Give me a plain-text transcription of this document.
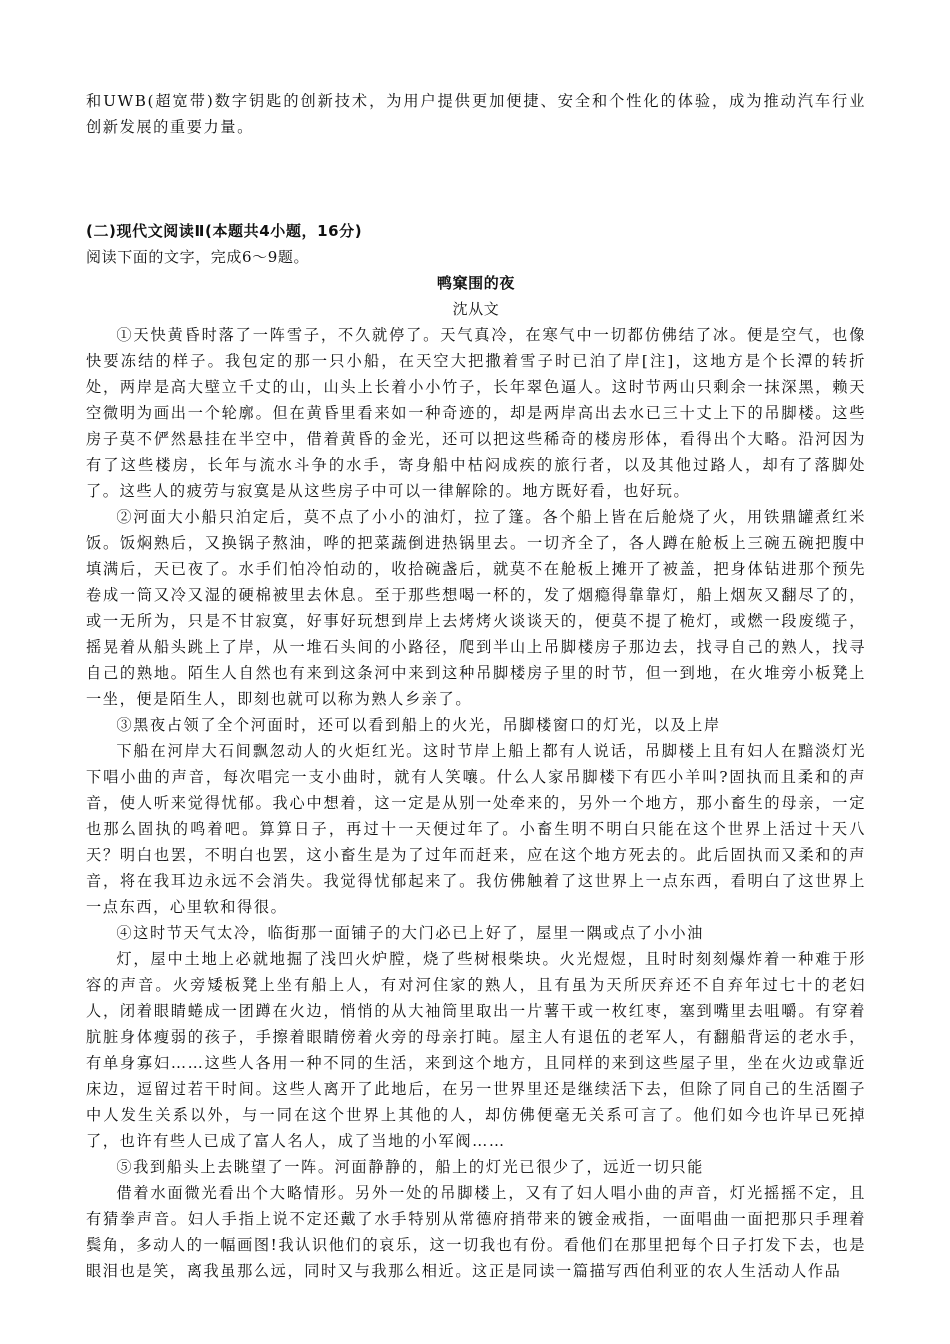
和UWB(超宽带)数字钥匙的创新技术，为用户提供更加便捷、安全和个性化的体验，成为推动汽车行业创新发展的重要力量。

(二)现代文阅读Ⅱ(本题共4小题，16分)

阅读下面的文字，完成6～9题。

鸭窠围的夜

沈从文

①天快黄昏时落了一阵雪子，不久就停了。天气真冷，在寒气中一切都仿佛结了冰。便是空气，也像快要冻结的样子。我包定的那一只小船，在天空大把撒着雪子时已泊了岸[注]，这地方是个长潭的转折处，两岸是高大壁立千丈的山，山头上长着小小竹子，长年翠色逼人。这时节两山只剩余一抹深黑，赖天空微明为画出一个轮廓。但在黄昏里看来如一种奇迹的，却是两岸高出去水已三十丈上下的吊脚楼。这些房子莫不俨然悬挂在半空中，借着黄昏的金光，还可以把这些稀奇的楼房形体，看得出个大略。沿河因为有了这些楼房，长年与流水斗争的水手，寄身船中枯闷成疾的旅行者，以及其他过路人，却有了落脚处了。这些人的疲劳与寂寞是从这些房子中可以一律解除的。地方既好看，也好玩。

②河面大小船只泊定后，莫不点了小小的油灯，拉了篷。各个船上皆在后舱烧了火，用铁鼎罐煮红米饭。饭焖熟后，又换锅子熬油，哗的把菜蔬倒进热锅里去。一切齐全了，各人蹲在舱板上三碗五碗把腹中填满后，天已夜了。水手们怕冷怕动的，收拾碗盏后，就莫不在舱板上摊开了被盖，把身体钻进那个预先卷成一筒又冷又湿的硬棉被里去休息。至于那些想喝一杯的，发了烟瘾得靠靠灯，船上烟灰又翻尽了的，或一无所为，只是不甘寂寞，好事好玩想到岸上去烤烤火谈谈天的，便莫不提了桅灯，或燃一段废缆子，摇晃着从船头跳上了岸，从一堆石头间的小路径，爬到半山上吊脚楼房子那边去，找寻自己的熟人，找寻自己的熟地。陌生人自然也有来到这条河中来到这种吊脚楼房子里的时节，但一到地，在火堆旁小板凳上一坐，便是陌生人，即刻也就可以称为熟人乡亲了。

③黑夜占领了全个河面时，还可以看到船上的火光，吊脚楼窗口的灯光，以及上岸

下船在河岸大石间飘忽动人的火炬红光。这时节岸上船上都有人说话，吊脚楼上且有妇人在黯淡灯光下唱小曲的声音，每次唱完一支小曲时，就有人笑嚷。什么人家吊脚楼下有匹小羊叫?固执而且柔和的声音，使人听来觉得忧郁。我心中想着，这一定是从别一处牵来的，另外一个地方，那小畜生的母亲，一定也那么固执的鸣着吧。算算日子，再过十一天便过年了。小畜生明不明白只能在这个世界上活过十天八天？明白也罢，不明白也罢，这小畜生是为了过年而赶来，应在这个地方死去的。此后固执而又柔和的声音，将在我耳边永远不会消失。我觉得忧郁起来了。我仿佛触着了这世界上一点东西，看明白了这世界上一点东西，心里软和得很。

④这时节天气太冷，临街那一面铺子的大门必已上好了，屋里一隅或点了小小油

灯，屋中土地上必就地掘了浅凹火炉膛，烧了些树根柴块。火光煜煜，且时时刻刻爆炸着一种难于形容的声音。火旁矮板凳上坐有船上人，有对河住家的熟人，且有虽为天所厌弃还不自弃年过七十的老妇人，闭着眼睛蜷成一团蹲在火边，悄悄的从大袖筒里取出一片薯干或一枚红枣，塞到嘴里去咀嚼。有穿着肮脏身体瘦弱的孩子，手擦着眼睛傍着火旁的母亲打盹。屋主人有退伍的老军人，有翻船背运的老水手，有单身寡妇……这些人各用一种不同的生活，来到这个地方，且同样的来到这些屋子里，坐在火边或靠近床边，逗留过若干时间。这些人离开了此地后，在另一世界里还是继续活下去，但除了同自己的生活圈子中人发生关系以外，与一同在这个世界上其他的人，却仿佛便毫无关系可言了。他们如今也许早已死掉了，也许有些人已成了富人名人，成了当地的小军阀……

⑤我到船头上去眺望了一阵。河面静静的，船上的灯光已很少了，远近一切只能

借着水面微光看出个大略情形。另外一处的吊脚楼上，又有了妇人唱小曲的声音，灯光摇摇不定，且有猜拳声音。妇人手指上说不定还戴了水手特别从常德府捎带来的镀金戒指，一面唱曲一面把那只手理着鬓角，多动人的一幅画图!我认识他们的哀乐，这一切我也有份。看他们在那里把每个日子打发下去，也是眼泪也是笑，离我虽那么远，同时又与我那么相近。这正是同读一篇描写西伯利亚的农人生活动人作品
